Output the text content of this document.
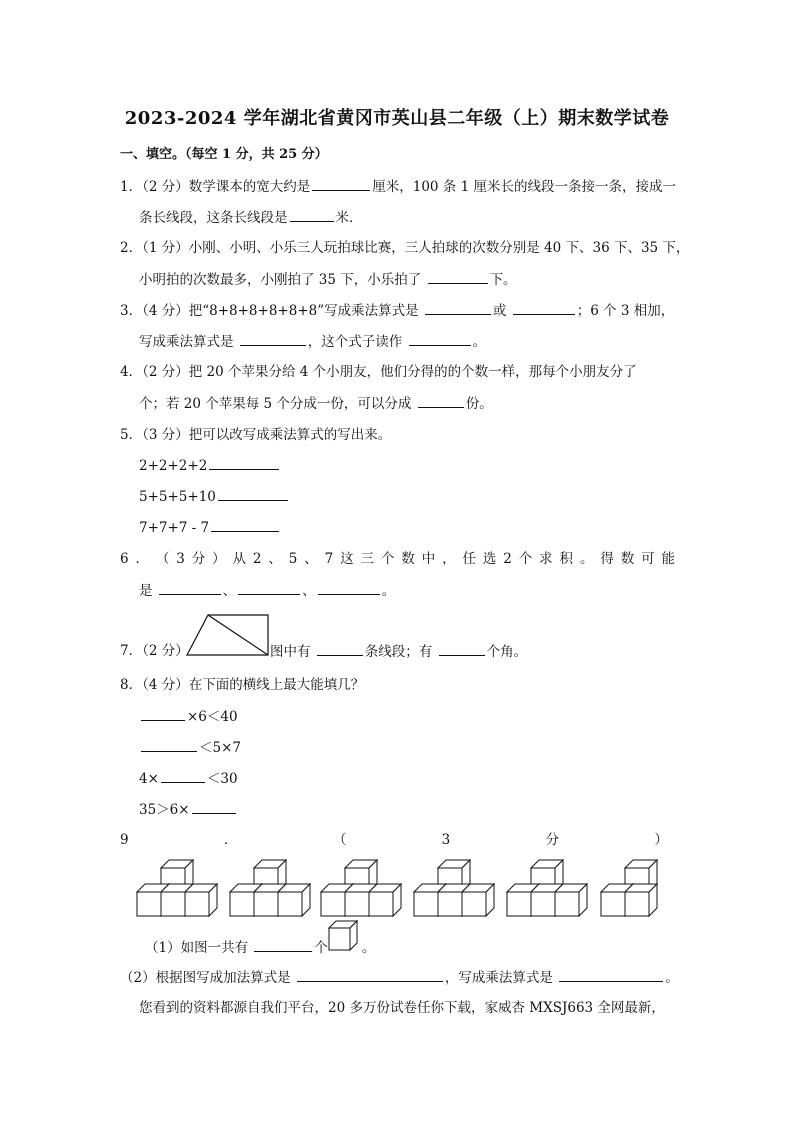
2023-2024 学年湖北省黄冈市英山县二年级（上）期末数学试卷
一、填空。（每空 1 分，共 25 分）
1．（2 分）数学课本的宽大约是	厘米，100 条 1 厘米长的线段一条接一条，接成一
条长线段，这条长线段是	米．
2．（1 分）小刚、小明、小乐三人玩拍球比赛，三人拍球的次数分别是 40 下、36 下、35 下，
小明拍的次数最多，小刚拍了 35 下，小乐拍了	下。
3．（4 分）把“8+8+8+8+8+8”写成乘法算式是	或	；6 个 3 相加，
写成乘法算式是	，这个式子读作	。
4．（2 分）把 20 个苹果分给 4 个小朋友，他们分得的的个数一样，那每个小朋友分了
个；若 20 个苹果每 5 个分成一份，可以分成	份。
5．（3 分）把可以改写成乘法算式的写出来。
2+2+2+2
5+5+5+10
7+7+7 - 7
6 ． （ 3 分 ） 从 2 、 5 、 7 这 三 个 数 中 ， 任 选 2 个 求 积 。 得 数 可 能
是	、	、	。
7．（2 分）	图中有	条线段；有	个角。
8．（4 分）在下面的横线上最大能填几？
×6＜40
＜5×7
4×	＜30
35＞6×
9	．	（	3	分	）
（1）如图一共有	个	。
（2）根据图写成加法算式是	，写成乘法算式是	。
您看到的资料都源自我们平台，20 多万份试卷任你下载，家威杏 MXSJ663 全网最新，
